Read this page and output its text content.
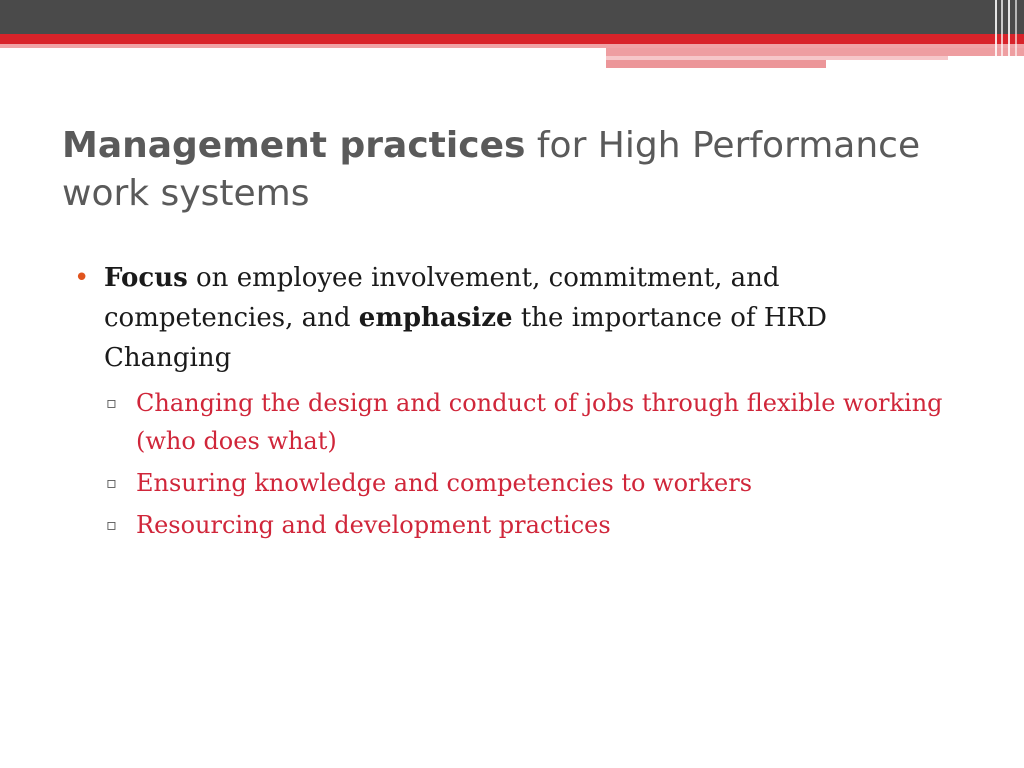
Management practices for High Performance work systems

• Focus on employee involvement, commitment, and competencies, and emphasize the importance of HRD Changing

▫ Changing the design and conduct of jobs through flexible working (who does what)

▫ Ensuring knowledge and competencies to workers

▫ Resourcing and development practices
